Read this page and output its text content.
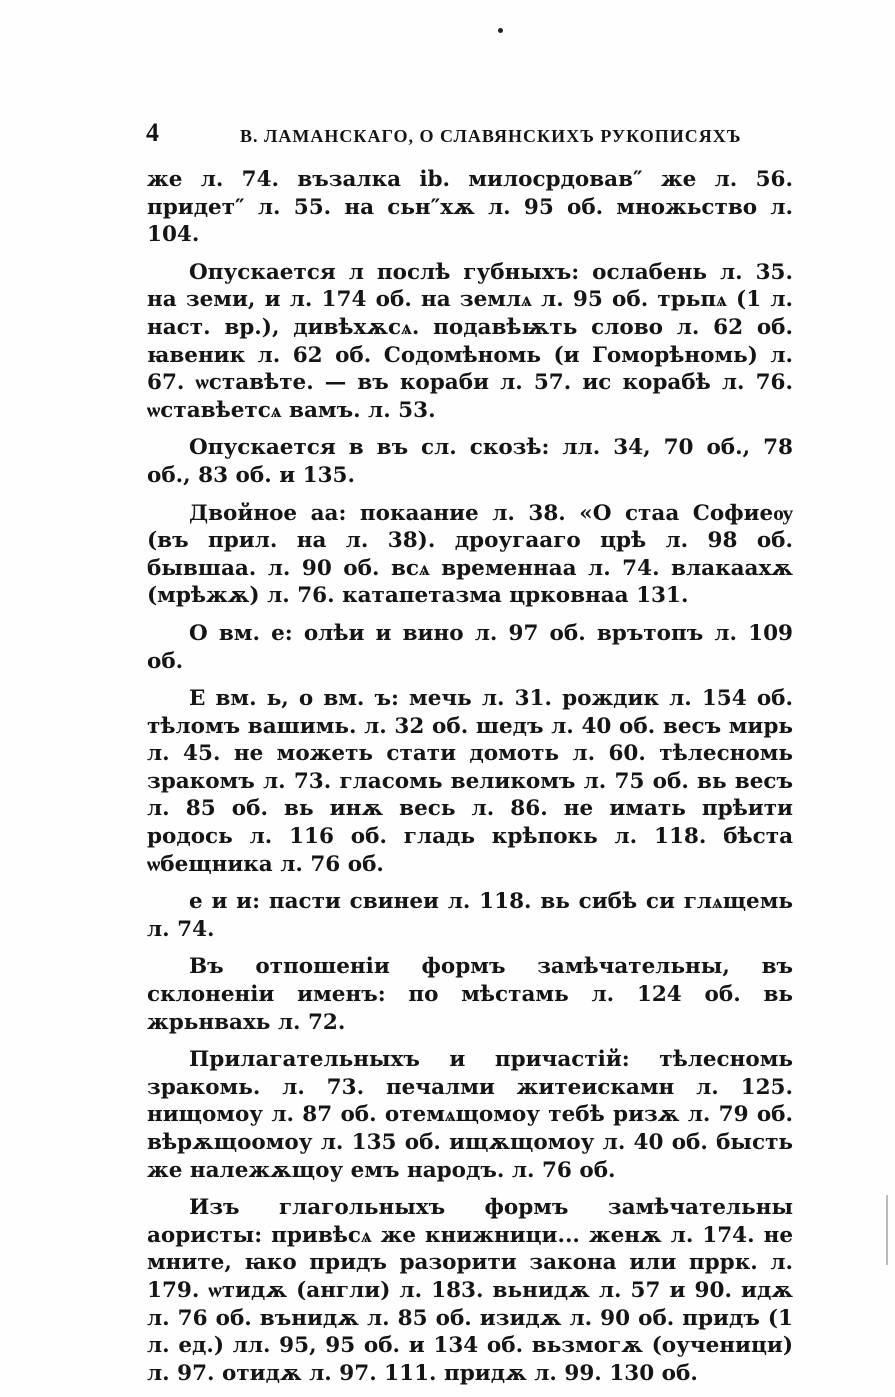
4	В. ЛАМАНСКАГО, О СЛАВЯНСКИХЪ РУКОПИСЯХЪ

же л. 74. възалка ib. милосрдовав″ же л. 56. придет″ л. 55. на сьн″хѫ л. 95 об. множьство л. 104.

Опускается л послѣ губныхъ: ослабень л. 35. на земи, и л. 174 об. на землѧ л. 95 об. трьпѧ (1 л. наст. вр.), дивѣхѫсѧ. подавѣѭть слово л. 62 об. ꙗвеник л. 62 об. Содомѣномь (и Гоморѣномь) л. 67. ѡставѣте. — въ кораби л. 57. ис корабѣ л. 76. ѡставѣетсѧ вамъ. л. 53.

Опускается в въ сл. скозѣ: лл. 34, 70 об., 78 об., 83 об. и 135.

Двойное аа: покаание л. 38. «О стаа Софиеѹ (въ прил. на л. 38). дроугааго црѣ л. 98 об. бывшаа. л. 90 об. всѧ временнаа л. 74. влакаахѫ (мрѣжѫ) л. 76. катапетазма црковнаа 131.

О вм. е: олѣи и вино л. 97 об. врътопъ л. 109 об.

Е вм. ь, о вм. ъ: мечь л. 31. рождик л. 154 об. тѣломъ вашимь. л. 32 об. шедъ л. 40 об. весъ мирь л. 45. не можеть стати домоть л. 60. тѣлесномь зракомъ л. 73. гласомь великомъ л. 75 об. вь весъ л. 85 об. вь инѫ весь л. 86. не имать прѣити родось л. 116 об. гладь крѣпокь л. 118. бѣста ѡбещника л. 76 об.

е и и: пасти свинеи л. 118. вь сибѣ си глѧщемь л. 74.

Въ отпошеніи формъ замѣчательны, въ склоненіи именъ: по мѣстамь л. 124 об. вь жрьнвахь л. 72.

Прилагательныхъ и причастій: тѣлесномь зракомь. л. 73. печалми житеискамн л. 125. нищомоу л. 87 об. отемѧщомоу тебѣ ризѫ л. 79 об. вѣрѫщоомоу л. 135 об. ищѫщомоу л. 40 об. бысть же належѫщоу емъ народъ. л. 76 об.

Изъ глагольныхъ формъ замѣчательны аористы: привѣсѧ же книжници... женѫ л. 174. не мните, ꙗко придъ разорити закона или пррк. л. 179. ѡтидѫ (англи) л. 183. вьнидѫ л. 57 и 90. идѫ л. 76 об. вънидѫ л. 85 об. изидѫ л. 90 об. придъ (1 л. ед.) лл. 95, 95 об. и 134 об. вьзмогѫ (оученици) л. 97. отидѫ л. 97. 111. придѫ л. 99. 130 об.
